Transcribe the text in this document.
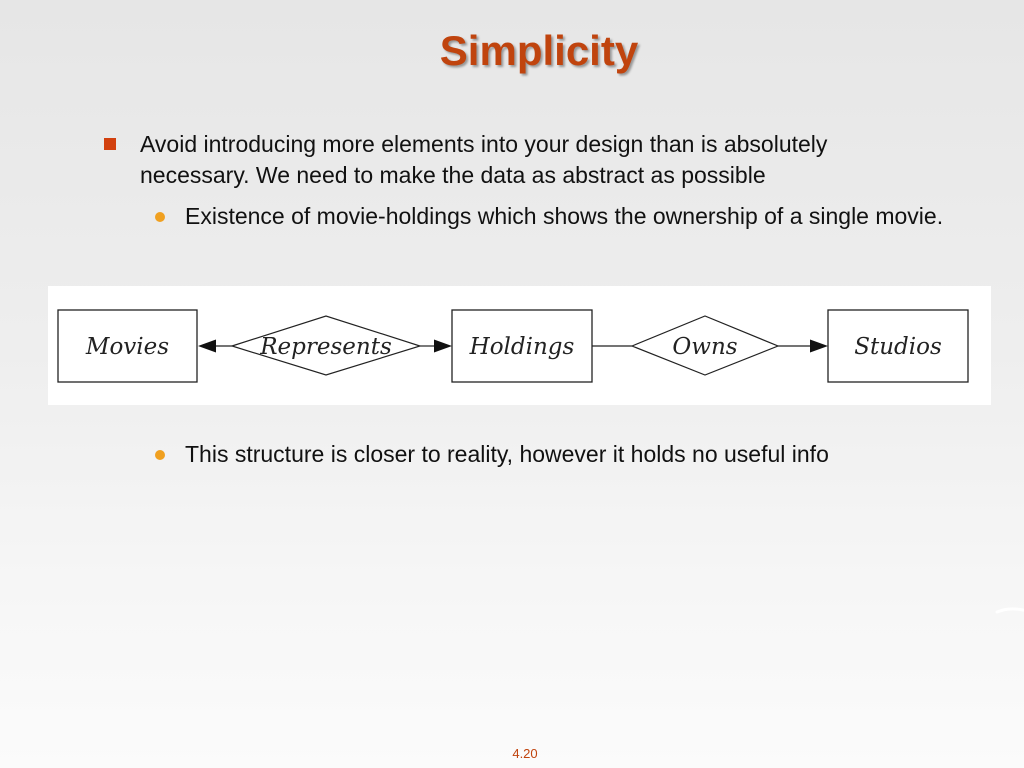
Simplicity
Avoid introducing more elements into your design than is absolutely necessary. We need to make the data as abstract as possible
Existence of movie-holdings which shows the ownership of a single movie.
Movies	Represents	Holdings	Owns	Studios
This structure is closer to reality, however it holds no useful info
4.20
